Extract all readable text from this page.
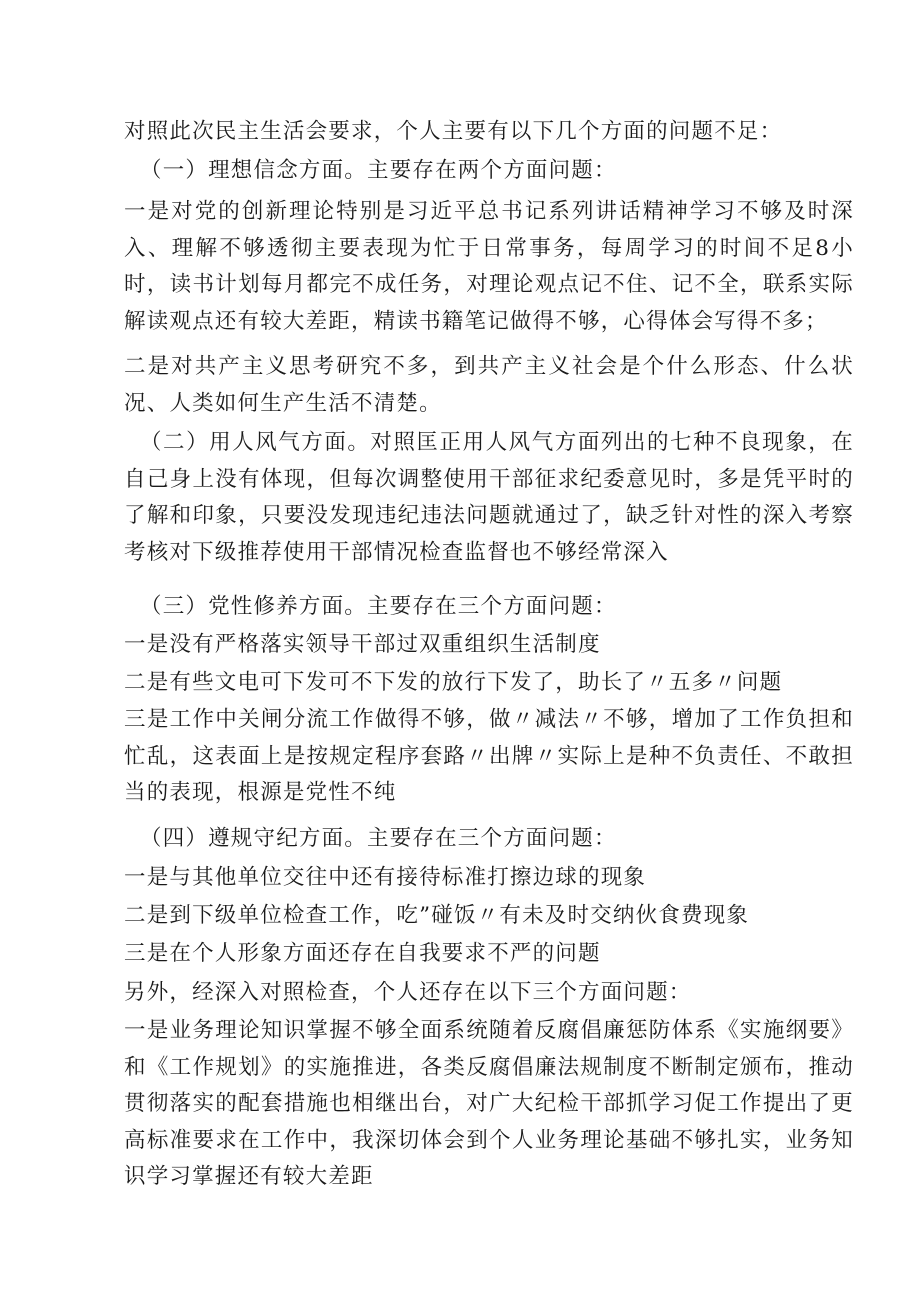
对照此次民主生活会要求，个人主要有以下几个方面的问题不足：
（一）理想信念方面。主要存在两个方面问题：
一是对党的创新理论特别是习近平总书记系列讲话精神学习不够及时深入、理解不够透彻主要表现为忙于日常事务，每周学习的时间不足8小时，读书计划每月都完不成任务，对理论观点记不住、记不全，联系实际解读观点还有较大差距，精读书籍笔记做得不够，心得体会写得不多；
二是对共产主义思考研究不多，到共产主义社会是个什么形态、什么状况、人类如何生产生活不清楚。
（二）用人风气方面。对照匡正用人风气方面列出的七种不良现象，在自己身上没有体现，但每次调整使用干部征求纪委意见时，多是凭平时的了解和印象，只要没发现违纪违法问题就通过了，缺乏针对性的深入考察考核对下级推荐使用干部情况检查监督也不够经常深入
（三）党性修养方面。主要存在三个方面问题：
一是没有严格落实领导干部过双重组织生活制度
二是有些文电可下发可不下发的放行下发了，助长了〃五多〃问题
三是工作中关闸分流工作做得不够，做〃减法〃不够，增加了工作负担和忙乱，这表面上是按规定程序套路〃出牌〃实际上是种不负责任、不敢担当的表现，根源是党性不纯
（四）遵规守纪方面。主要存在三个方面问题：
一是与其他单位交往中还有接待标准打擦边球的现象
二是到下级单位检查工作，吃”碰饭〃有未及时交纳伙食费现象
三是在个人形象方面还存在自我要求不严的问题
另外，经深入对照检查，个人还存在以下三个方面问题：
一是业务理论知识掌握不够全面系统随着反腐倡廉惩防体系《实施纲要》和《工作规划》的实施推进，各类反腐倡廉法规制度不断制定颁布，推动贯彻落实的配套措施也相继出台，对广大纪检干部抓学习促工作提出了更高标准要求在工作中，我深切体会到个人业务理论基础不够扎实，业务知识学习掌握还有较大差距
